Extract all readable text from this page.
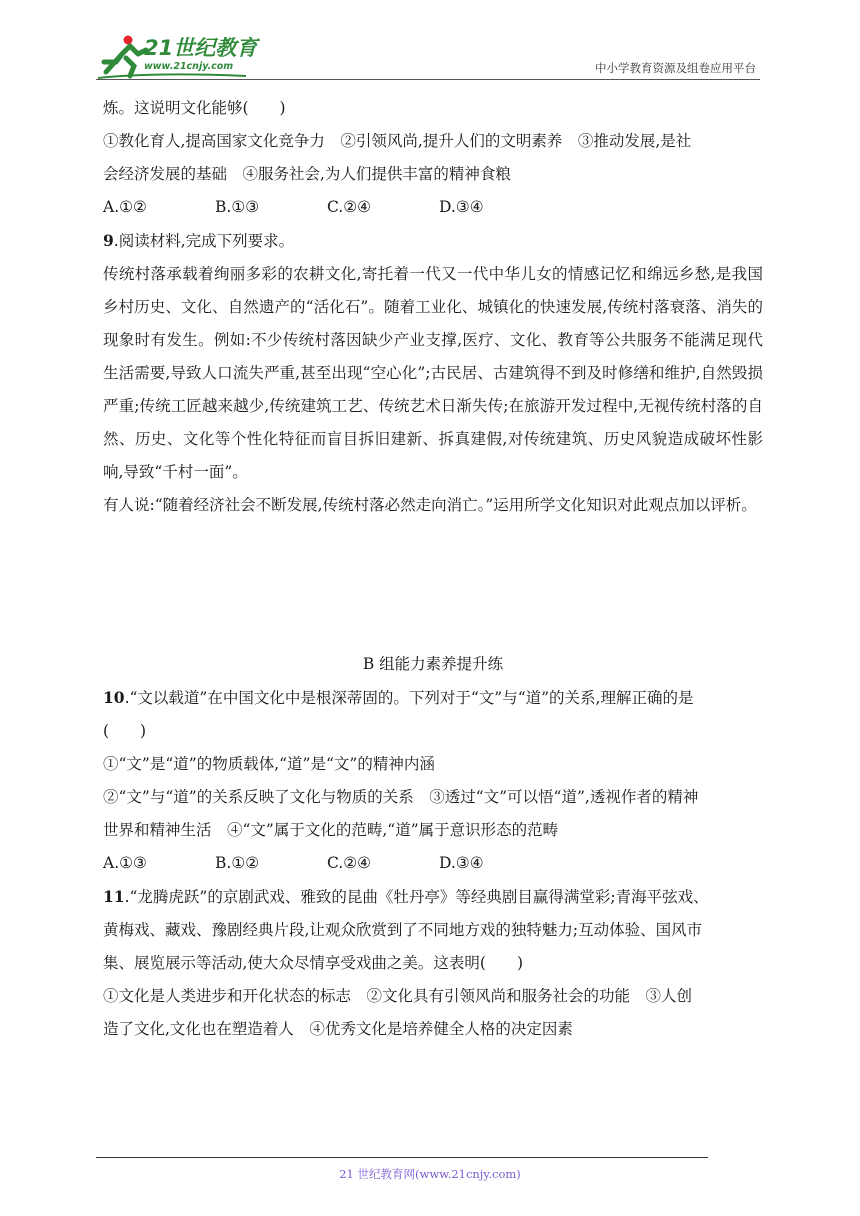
21世纪教育
www.21cnjy.com	中小学教育资源及组卷应用平台

炼。这说明文化能够(　　)

①教化育人,提高国家文化竞争力　②引领风尚,提升人们的文明素养　③推动发展,是社

会经济发展的基础　④服务社会,为人们提供丰富的精神食粮

A.①②	B.①③	C.②④	D.③④

9.阅读材料,完成下列要求。

传统村落承载着绚丽多彩的农耕文化,寄托着一代又一代中华儿女的情感记忆和绵远乡愁,是我国乡村历史、文化、自然遗产的“活化石”。随着工业化、城镇化的快速发展,传统村落衰落、消失的现象时有发生。例如:不少传统村落因缺少产业支撑,医疗、文化、教育等公共服务不能满足现代生活需要,导致人口流失严重,甚至出现“空心化”;古民居、古建筑得不到及时修缮和维护,自然毁损严重;传统工匠越来越少,传统建筑工艺、传统艺术日渐失传;在旅游开发过程中,无视传统村落的自然、历史、文化等个性化特征而盲目拆旧建新、拆真建假,对传统建筑、历史风貌造成破坏性影响,导致“千村一面”。

有人说:“随着经济社会不断发展,传统村落必然走向消亡。”运用所学文化知识对此观点加以评析。

B 组能力素养提升练

10.“文以载道”在中国文化中是根深蒂固的。下列对于“文”与“道”的关系,理解正确的是

(　　)

①“文”是“道”的物质载体,“道”是“文”的精神内涵

②“文”与“道”的关系反映了文化与物质的关系　③透过“文”可以悟“道”,透视作者的精神

世界和精神生活　④“文”属于文化的范畴,“道”属于意识形态的范畴

A.①③	B.①②	C.②④	D.③④

11.“龙腾虎跃”的京剧武戏、雅致的昆曲《牡丹亭》等经典剧目赢得满堂彩;青海平弦戏、

黄梅戏、藏戏、豫剧经典片段,让观众欣赏到了不同地方戏的独特魅力;互动体验、国风市

集、展览展示等活动,使大众尽情享受戏曲之美。这表明(　　)

①文化是人类进步和开化状态的标志　②文化具有引领风尚和服务社会的功能　③人创

造了文化,文化也在塑造着人　④优秀文化是培养健全人格的决定因素

21 世纪教育网(www.21cnjy.com)
